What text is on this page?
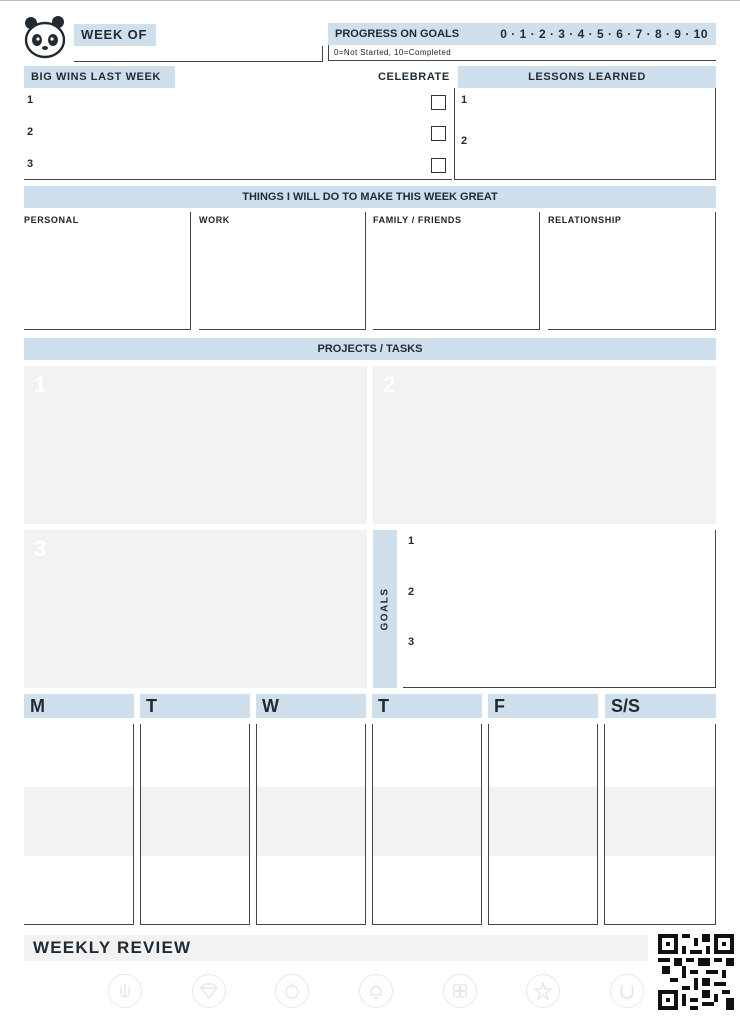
WEEK OF	PROGRESS ON GOALS	0 · 1 · 2 · 3 · 4 · 5 · 6 · 7 · 8 · 9 · 10
0=Not Started, 10=Completed
BIG WINS LAST WEEK	CELEBRATE
1
2
3
LESSONS LEARNED
1
2
THINGS I WILL DO TO MAKE THIS WEEK GREAT
PERSONAL	WORK	FAMILY / FRIENDS	RELATIONSHIP
PROJECTS / TASKS
1	2
3
GOALS
1
2
3
M	T	W	T	F	S/S
WEEKLY REVIEW
